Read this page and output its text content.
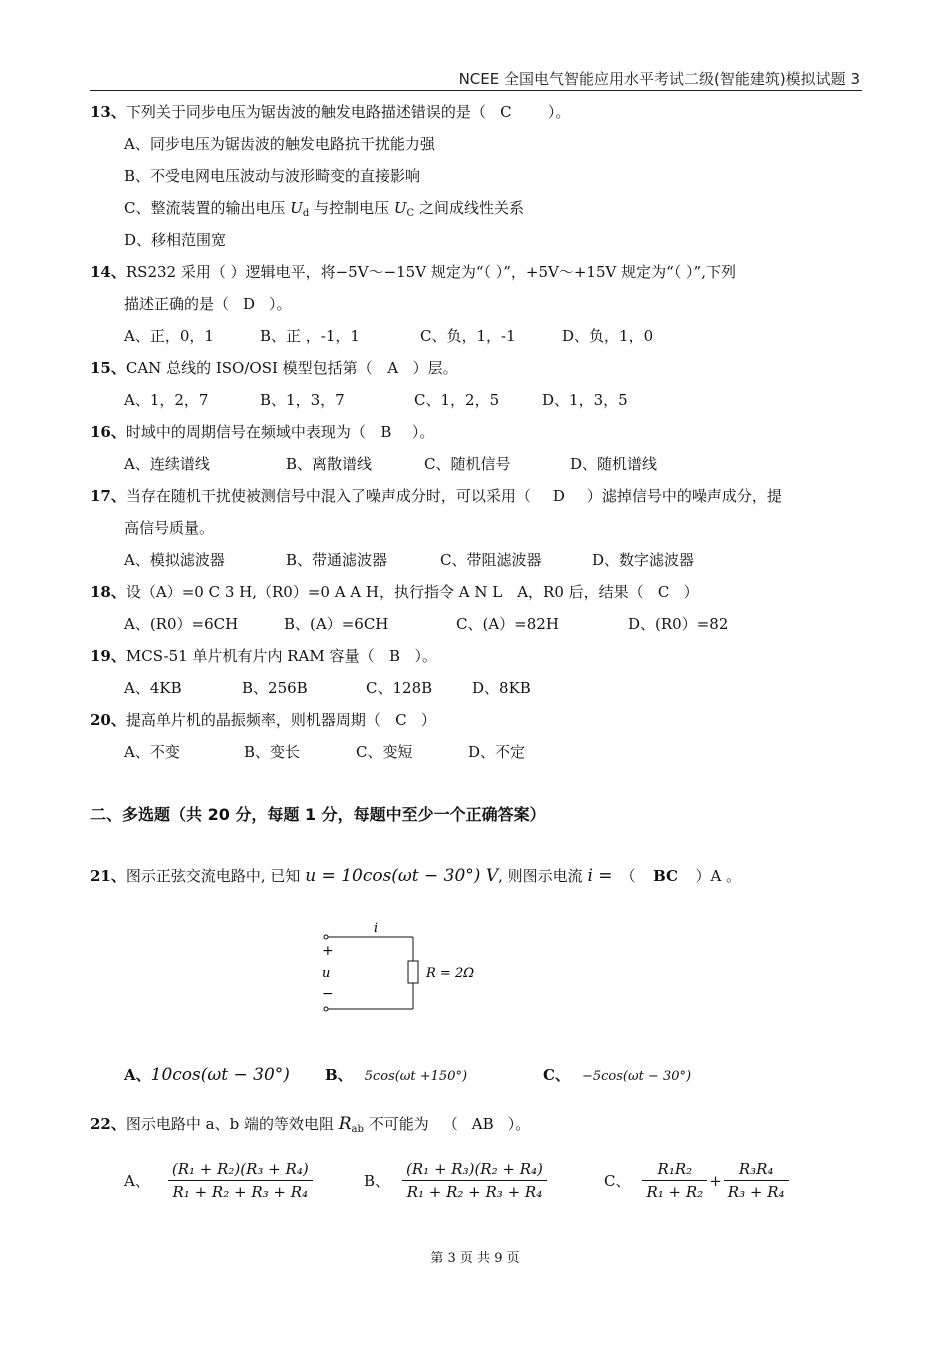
NCEE 全国电气智能应用水平考试二级(智能建筑)模拟试题 3
13、下列关于同步电压为锯齿波的触发电路描述错误的是（ C ）。
A、同步电压为锯齿波的触发电路抗干扰能力强
B、不受电网电压波动与波形畸变的直接影响
C、整流装置的输出电压 $U_d$ 与控制电压 $U_C$ 之间成线性关系
D、移相范围宽
14、RS232 采用（ ）逻辑电平，将−5V～−15V 规定为“（ ）”，+5V～+15V 规定为“（ ）”,下列
描述正确的是（ D ）。
A、正，0，1	B、正 ，-1，1	C、负，1，-1	D、负，1，0
15、CAN 总线的 ISO/OSI 模型包括第（ A ）层。
A、1，2，7	B、1，3，7	C、1，2，5	D、1，3，5
16、时域中的周期信号在频域中表现为（ B ）。
A、连续谱线	B、离散谱线	C、随机信号	D、随机谱线
17、当存在随机干扰使被测信号中混入了噪声成分时，可以采用（ D ）滤掉信号中的噪声成分，提
高信号质量。
A、模拟滤波器	B、带通滤波器	C、带阻滤波器	D、数字滤波器
18、设（A）=0 C 3 H,（R0）=0 A A H，执行指令 A N L　A，R0 后，结果（ C ）
A、(R0）=6CH	B、(A）=6CH	C、(A）=82H	D、(R0）=82
19、MCS-51 单片机有片内 RAM 容量（ B ）。
A、4KB	B、256B	C、128B	D、8KB
20、提高单片机的晶振频率，则机器周期（ C ）
A、不变	B、变长	C、变短	D、不定
二、多选题（共 20 分，每题 1 分，每题中至少一个正确答案）
21、图示正弦交流电路中, 已知 u = 10cos(ωt − 30°) V, 则图示电流 i = （ BC ）A 。
i
+
u
−
R = 2Ω
A、10cos(ωt − 30°) B、 5cos(ωt +150°)	C、 −5cos(ωt − 30°)
22、图示电路中 a、b 端的等效电阻 $R_{ab}$ 不可能为 （ AB ）。
A、 $\frac{\text{(R₁ + R₂)(R₃ + R₄)}}{\text{R₁ + R₂ + R₃ + R₄}}$	B、 $\frac{\text{(R₁ + R₃)(R₂ + R₄)}}{\text{R₁ + R₂ + R₃ + R₄}}$	C、 $\frac{\text{R₁R₂}}{\text{R₁ + R₂}} + \frac{\text{R₃R₄}}{\text{R₃ + R₄}}$
第 3 页 共 9 页
